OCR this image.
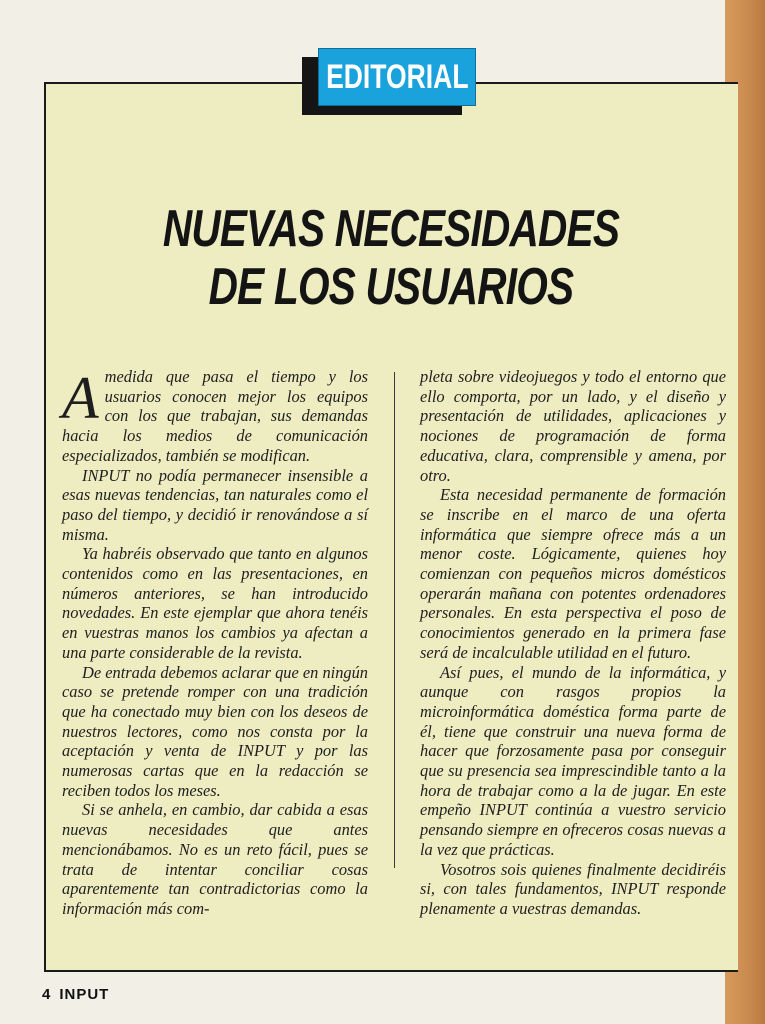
EDITORIAL
NUEVAS NECESIDADES
DE LOS USUARIOS

A medida que pasa el tiempo y los usuarios conocen mejor los equipos con los que trabajan, sus demandas hacia los medios de comunicación especializados, también se modifican.

INPUT no podía permanecer insensible a esas nuevas tendencias, tan naturales como el paso del tiempo, y decidió ir renovándose a sí misma.

Ya habréis observado que tanto en algunos contenidos como en las presentaciones, en números anteriores, se han introducido novedades. En este ejemplar que ahora tenéis en vuestras manos los cambios ya afectan a una parte considerable de la revista.

De entrada debemos aclarar que en ningún caso se pretende romper con una tradición que ha conectado muy bien con los deseos de nuestros lectores, como nos consta por la aceptación y venta de INPUT y por las numerosas cartas que en la redacción se reciben todos los meses.

Si se anhela, en cambio, dar cabida a esas nuevas necesidades que antes mencionábamos. No es un reto fácil, pues se trata de intentar conciliar cosas aparentemente tan contradictorias como la información más com-

pleta sobre videojuegos y todo el entorno que ello comporta, por un lado, y el diseño y presentación de utilidades, aplicaciones y nociones de programación de forma educativa, clara, comprensible y amena, por otro.

Esta necesidad permanente de formación se inscribe en el marco de una oferta informática que siempre ofrece más a un menor coste. Lógicamente, quienes hoy comienzan con pequeños micros domésticos operarán mañana con potentes ordenadores personales. En esta perspectiva el poso de conocimientos generado en la primera fase será de incalculable utilidad en el futuro.

Así pues, el mundo de la informática, y aunque con rasgos propios la microinformática doméstica forma parte de él, tiene que construir una nueva forma de hacer que forzosamente pasa por conseguir que su presencia sea imprescindible tanto a la hora de trabajar como a la de jugar. En este empeño INPUT continúa a vuestro servicio pensando siempre en ofreceros cosas nuevas a la vez que prácticas.

Vosotros sois quienes finalmente decidiréis si, con tales fundamentos, INPUT responde plenamente a vuestras demandas.

4 INPUT
